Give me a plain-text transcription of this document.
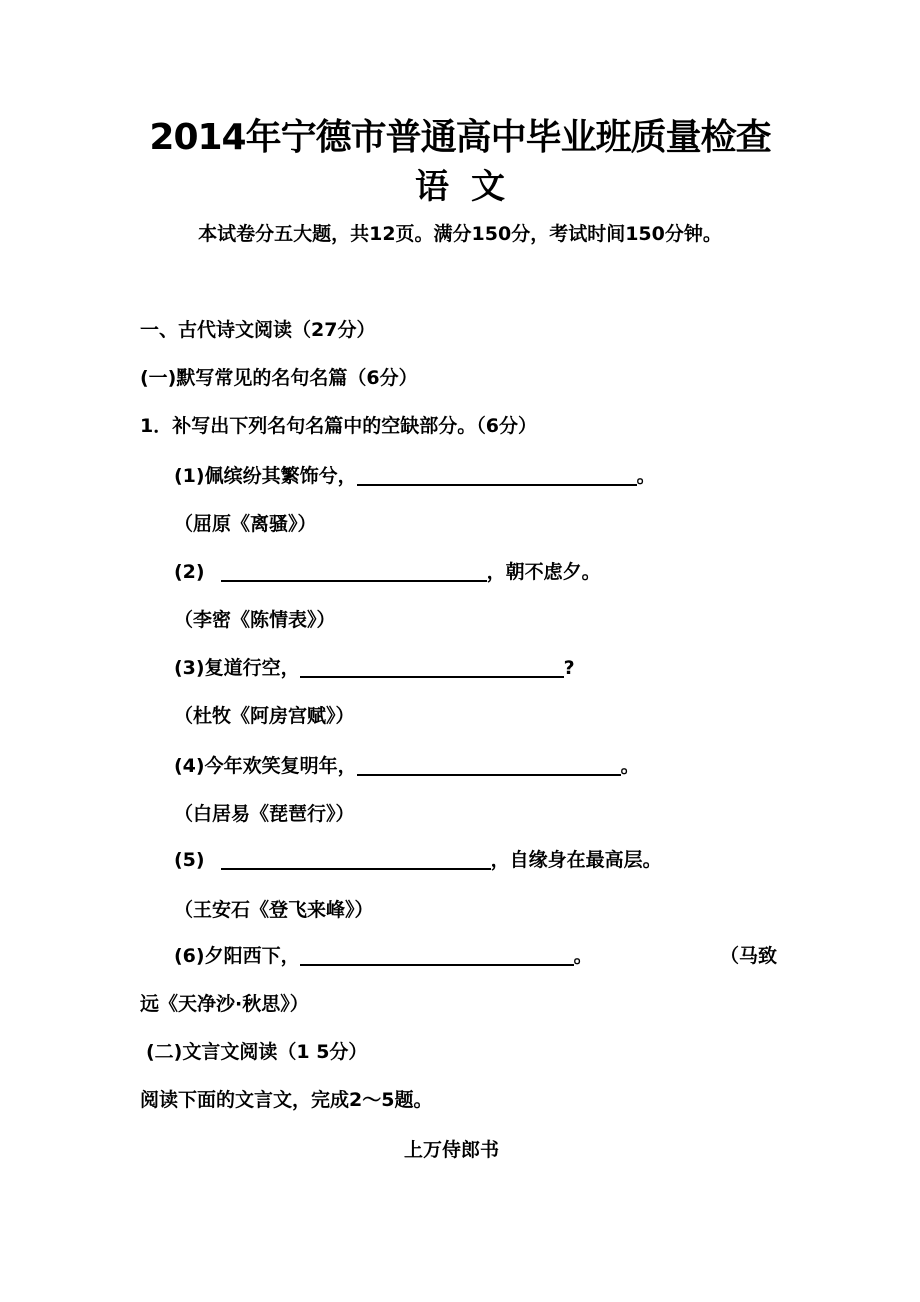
2014年宁德市普通高中毕业班质量检查
语 文
本试卷分五大题，共12页。满分150分，考试时间150分钟。
一、古代诗文阅读（27分）
(一)默写常见的名句名篇（6分）
1．补写出下列名句名篇中的空缺部分。（6分）
(1)佩缤纷其繁饰兮，	。
（屈原《离骚》）
(2)	，朝不虑夕。
（李密《陈情表》）
(3)复道行空，	?
（杜牧《阿房宫赋》）
(4)今年欢笑复明年，	。
（白居易《琵琶行》）
(5)	，自缘身在最高层。
（王安石《登飞来峰》）
(6)夕阳西下，	。	（马致
远《天净沙·秋思》）
(二)文言文阅读（1 5分）
阅读下面的文言文，完成2～5题。
上万侍郎书
